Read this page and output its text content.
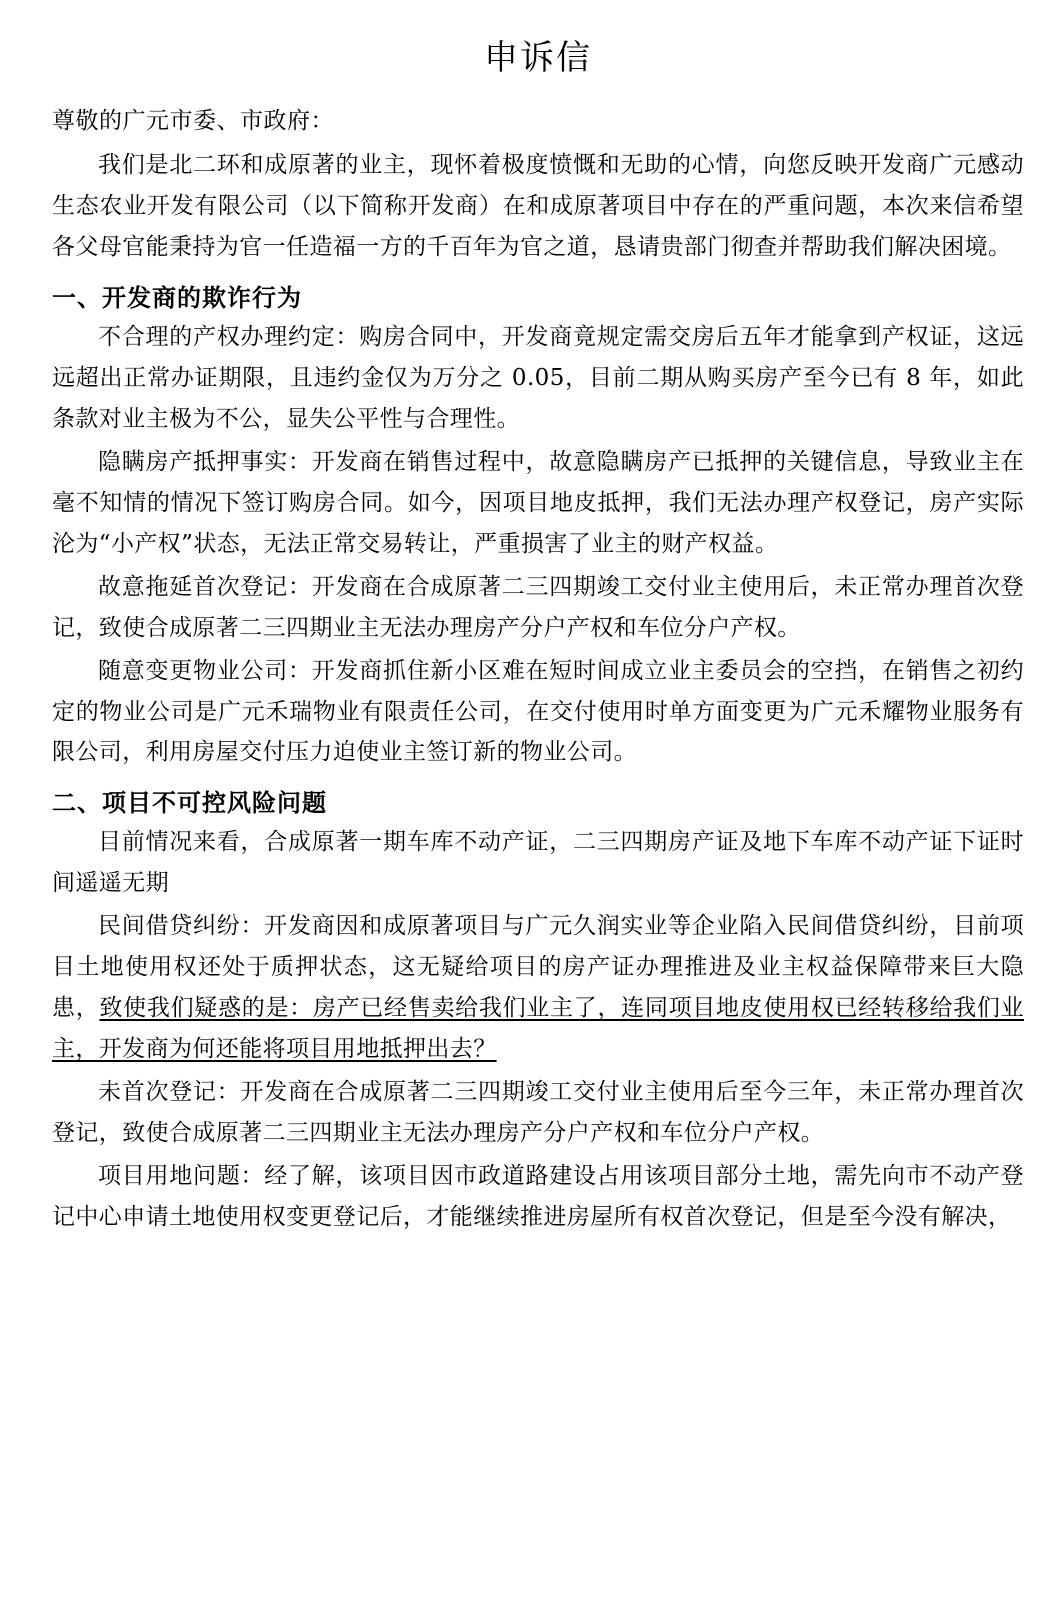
申诉信
尊敬的广元市委、市政府：

我们是北二环和成原著的业主，现怀着极度愤慨和无助的心情，向您反映开发商广元感动生态农业开发有限公司（以下简称开发商）在和成原著项目中存在的严重问题，本次来信希望各父母官能秉持为官一任造福一方的千百年为官之道，恳请贵部门彻查并帮助我们解决困境。

一、开发商的欺诈行为

不合理的产权办理约定：购房合同中，开发商竟规定需交房后五年才能拿到产权证，这远远超出正常办证期限，且违约金仅为万分之 0.05，目前二期从购买房产至今已有 8 年，如此条款对业主极为不公，显失公平性与合理性。

隐瞒房产抵押事实：开发商在销售过程中，故意隐瞒房产已抵押的关键信息，导致业主在毫不知情的情况下签订购房合同。如今，因项目地皮抵押，我们无法办理产权登记，房产实际沦为“小产权”状态，无法正常交易转让，严重损害了业主的财产权益。

故意拖延首次登记：开发商在合成原著二三四期竣工交付业主使用后，未正常办理首次登记，致使合成原著二三四期业主无法办理房产分户产权和车位分户产权。

随意变更物业公司：开发商抓住新小区难在短时间成立业主委员会的空挡，在销售之初约定的物业公司是广元禾瑞物业有限责任公司，在交付使用时单方面变更为广元禾耀物业服务有限公司，利用房屋交付压力迫使业主签订新的物业公司。

二、项目不可控风险问题

目前情况来看，合成原著一期车库不动产证，二三四期房产证及地下车库不动产证下证时间遥遥无期

民间借贷纠纷：开发商因和成原著项目与广元久润实业等企业陷入民间借贷纠纷，目前项目土地使用权还处于质押状态，这无疑给项目的房产证办理推进及业主权益保障带来巨大隐患，致使我们疑惑的是：房产已经售卖给我们业主了，连同项目地皮使用权已经转移给我们业主，开发商为何还能将项目用地抵押出去？

未首次登记：开发商在合成原著二三四期竣工交付业主使用后至今三年，未正常办理首次登记，致使合成原著二三四期业主无法办理房产分户产权和车位分户产权。

项目用地问题：经了解，该项目因市政道路建设占用该项目部分土地，需先向市不动产登记中心申请土地使用权变更登记后，才能继续推进房屋所有权首次登记，但是至今没有解决，
